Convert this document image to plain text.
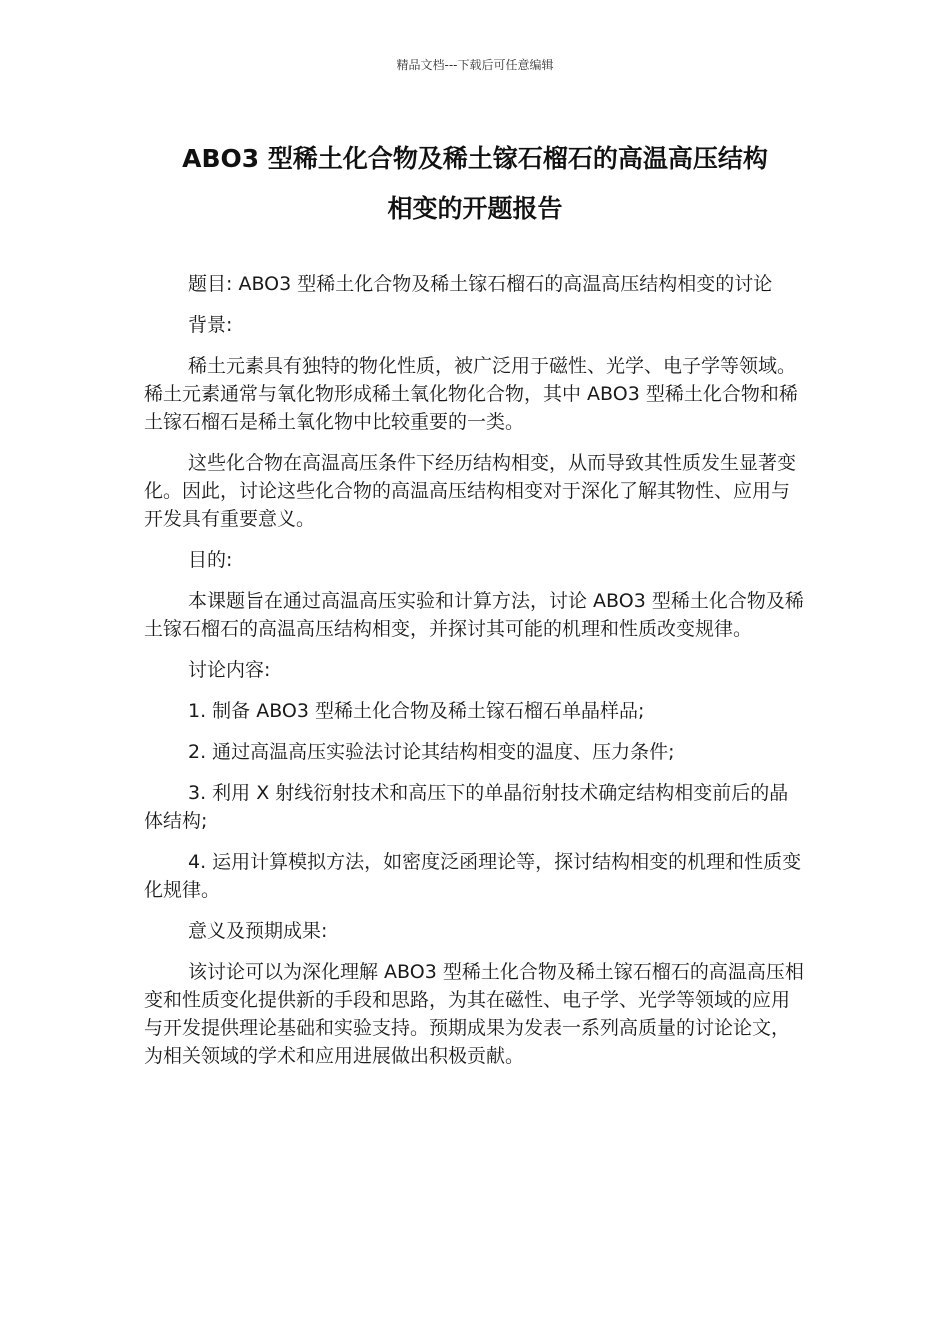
精品文档---下载后可任意编辑
ABO3 型稀土化合物及稀土镓石榴石的高温高压结构
相变的开题报告

题目: ABO3 型稀土化合物及稀土镓石榴石的高温高压结构相变的讨论

背景:

稀土元素具有独特的物化性质，被广泛用于磁性、光学、电子学等领域。稀土元素通常与氧化物形成稀土氧化物化合物，其中 ABO3 型稀土化合物和稀土镓石榴石是稀土氧化物中比较重要的一类。

这些化合物在高温高压条件下经历结构相变，从而导致其性质发生显著变化。因此，讨论这些化合物的高温高压结构相变对于深化了解其物性、应用与开发具有重要意义。

目的:

本课题旨在通过高温高压实验和计算方法，讨论 ABO3 型稀土化合物及稀土镓石榴石的高温高压结构相变，并探讨其可能的机理和性质改变规律。

讨论内容:

1. 制备 ABO3 型稀土化合物及稀土镓石榴石单晶样品;

2. 通过高温高压实验法讨论其结构相变的温度、压力条件;

3. 利用 X 射线衍射技术和高压下的单晶衍射技术确定结构相变前后的晶体结构;

4. 运用计算模拟方法，如密度泛函理论等，探讨结构相变的机理和性质变化规律。

意义及预期成果:

该讨论可以为深化理解 ABO3 型稀土化合物及稀土镓石榴石的高温高压相变和性质变化提供新的手段和思路，为其在磁性、电子学、光学等领域的应用与开发提供理论基础和实验支持。预期成果为发表一系列高质量的讨论论文，为相关领域的学术和应用进展做出积极贡献。
